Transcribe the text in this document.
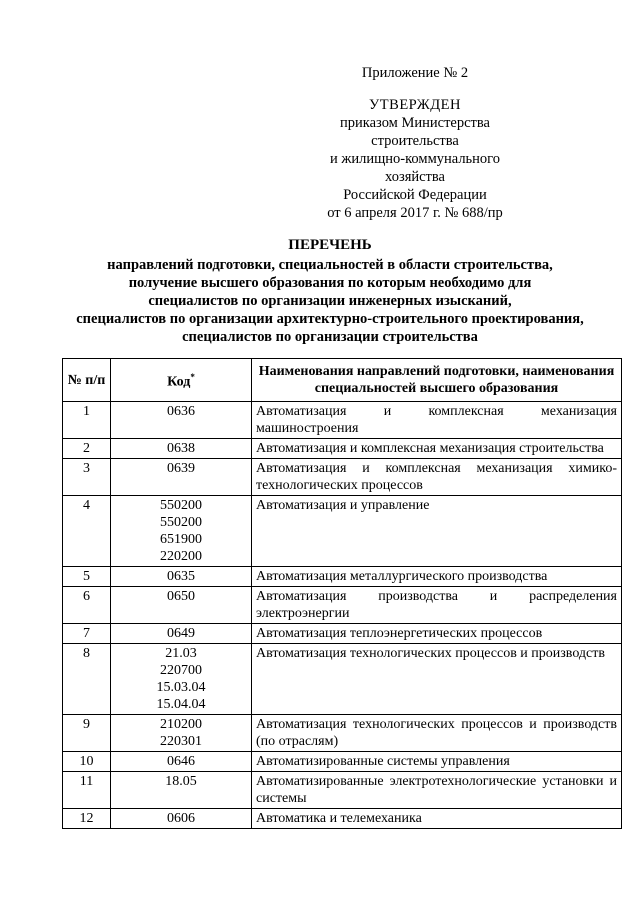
Приложение № 2
УТВЕРЖДЕН
приказом Министерства строительства
и жилищно-коммунального хозяйства
Российской Федерации
от 6 апреля 2017 г. № 688/пр
ПЕРЕЧЕНЬ
направлений подготовки, специальностей в области строительства,
получение высшего образования по которым необходимо для
специалистов по организации инженерных изысканий,
специалистов по организации архитектурно-строительного проектирования,
специалистов по организации строительства
№ п/п	Код*	Наименования направлений подготовки, наименования специальностей высшего образования
1	0636	Автоматизация и комплексная механизация машиностроения
2	0638	Автоматизация и комплексная механизация строительства
3	0639	Автоматизация и комплексная механизация химико-технологических процессов
4	550200
550200
651900
220200	Автоматизация и управление
5	0635	Автоматизация металлургического производства
6	0650	Автоматизация производства и распределения электроэнергии
7	0649	Автоматизация теплоэнергетических процессов
8	21.03
220700
15.03.04
15.04.04	Автоматизация технологических процессов и производств
9	210200
220301	Автоматизация технологических процессов и производств (по отраслям)
10	0646	Автоматизированные системы управления
11	18.05	Автоматизированные электротехнологические установки и системы
12	0606	Автоматика и телемеханика
